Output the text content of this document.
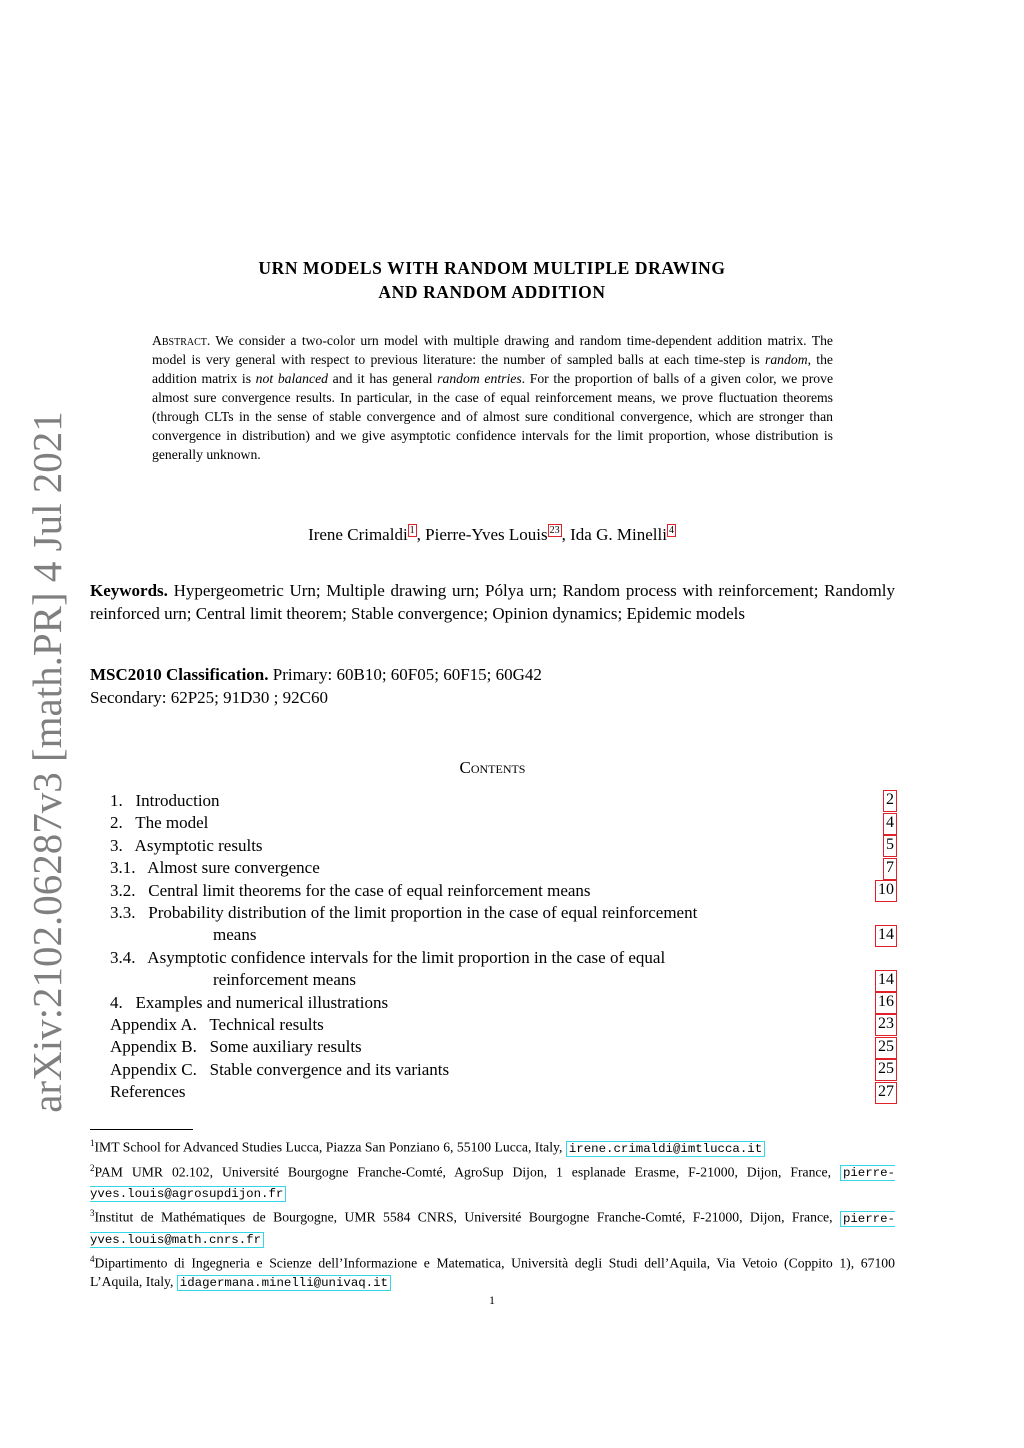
arXiv:2102.06287v3 [math.PR] 4 Jul 2021
URN MODELS WITH RANDOM MULTIPLE DRAWING
AND RANDOM ADDITION
Abstract. We consider a two-color urn model with multiple drawing and random time-dependent addition matrix. The model is very general with respect to previous literature: the number of sampled balls at each time-step is random, the addition matrix is not balanced and it has general random entries. For the proportion of balls of a given color, we prove almost sure convergence results. In particular, in the case of equal reinforcement means, we prove fluctuation theorems (through CLTs in the sense of stable convergence and of almost sure conditional convergence, which are stronger than convergence in distribution) and we give asymptotic confidence intervals for the limit proportion, whose distribution is generally unknown.
Irene Crimaldi $^1$ , Pierre-Yves Louis $^{23}$ , Ida G. Minelli $^4$
Keywords. Hypergeometric Urn; Multiple drawing urn; Pólya urn; Random process with reinforcement; Randomly reinforced urn; Central limit theorem; Stable convergence; Opinion dynamics; Epidemic models
MSC2010 Classification. Primary: 60B10; 60F05; 60F15; 60G42
Secondary: 62P25; 91D30 ; 92C60
Contents
1.   Introduction	2
2.   The model	4
3.   Asymptotic results	5
3.1.   Almost sure convergence	7
3.2.   Central limit theorems for the case of equal reinforcement means	10
3.3.   Probability distribution of the limit proportion in the case of equal reinforcement
means	14
3.4.   Asymptotic confidence intervals for the limit proportion in the case of equal
reinforcement means	14
4.   Examples and numerical illustrations	16
Appendix A.   Technical results	23
Appendix B.   Some auxiliary results	25
Appendix C.   Stable convergence and its variants	25
References	27
$^1$IMT School for Advanced Studies Lucca, Piazza San Ponziano 6, 55100 Lucca, Italy, irene.crimaldi@imtlucca.it
$^2$PAM UMR 02.102, Université Bourgogne Franche-Comté, AgroSup Dijon, 1 esplanade Erasme, F-21000, Dijon, France, pierre-yves.louis@agrosupdijon.fr
$^3$Institut de Mathématiques de Bourgogne, UMR 5584 CNRS, Université Bourgogne Franche-Comté, F-21000, Dijon, France, pierre-yves.louis@math.cnrs.fr
$^4$Dipartimento di Ingegneria e Scienze dell’Informazione e Matematica, Università degli Studi dell’Aquila, Via Vetoio (Coppito 1), 67100 L’Aquila, Italy, idagermana.minelli@univaq.it
1
